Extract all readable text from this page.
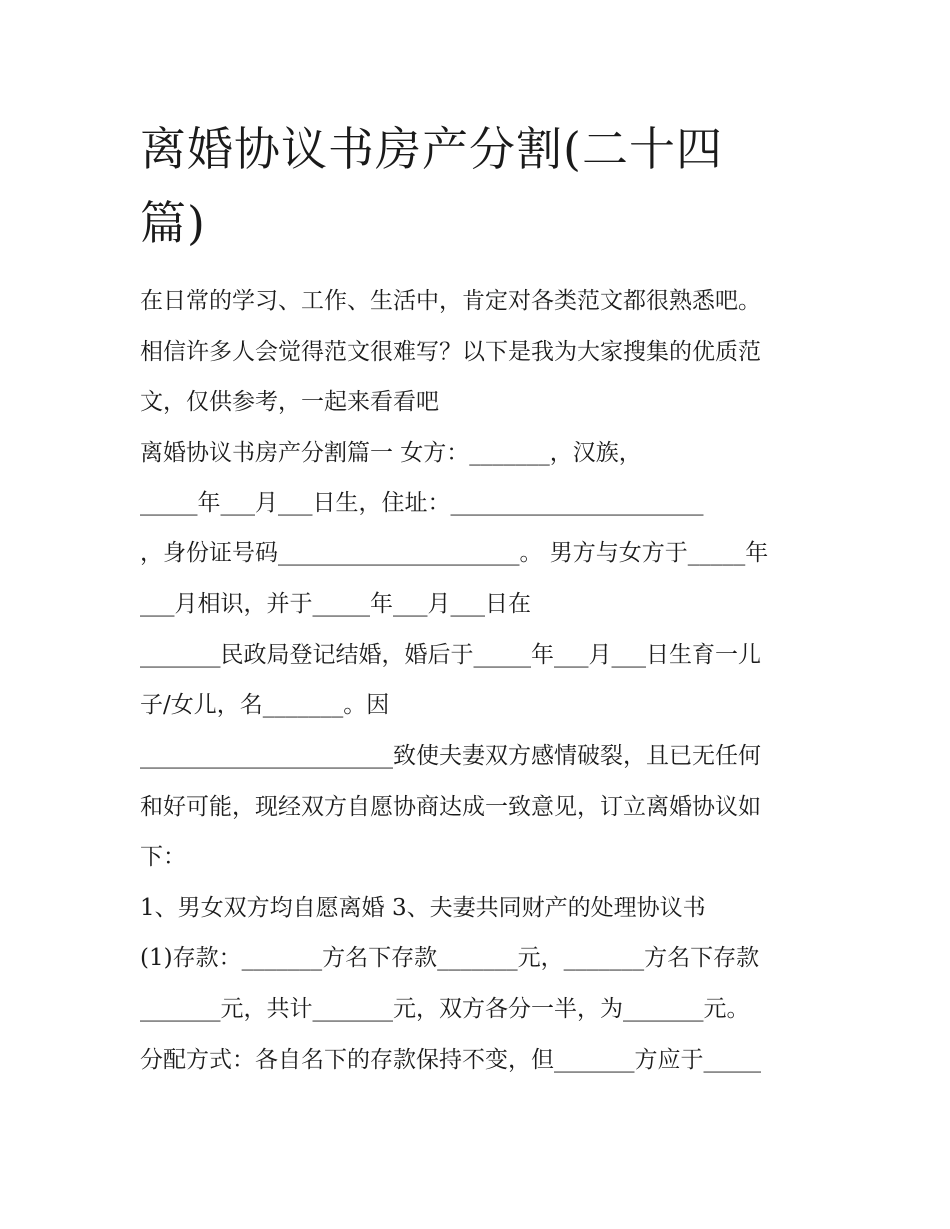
离婚协议书房产分割(二十四
篇)

在日常的学习、工作、生活中，肯定对各类范文都很熟悉吧。

相信许多人会觉得范文很难写？以下是我为大家搜集的优质范

文，仅供参考，一起来看看吧

离婚协议书房产分割篇一 女方：_______，汉族，

_____年___月___日生，住址：______________________

，身份证号码_____________________。 男方与女方于_____年

___月相识，并于_____年___月___日在

_______民政局登记结婚，婚后于_____年___月___日生育一儿

子/女儿，名_______。因

______________________致使夫妻双方感情破裂，且已无任何

和好可能，现经双方自愿协商达成一致意见，订立离婚协议如

下：

1、男女双方均自愿离婚 3、夫妻共同财产的处理协议书

(1)存款：_______方名下存款_______元，_______方名下存款

_______元，共计_______元，双方各分一半，为_______元。

分配方式：各自名下的存款保持不变，但_______方应于_____
